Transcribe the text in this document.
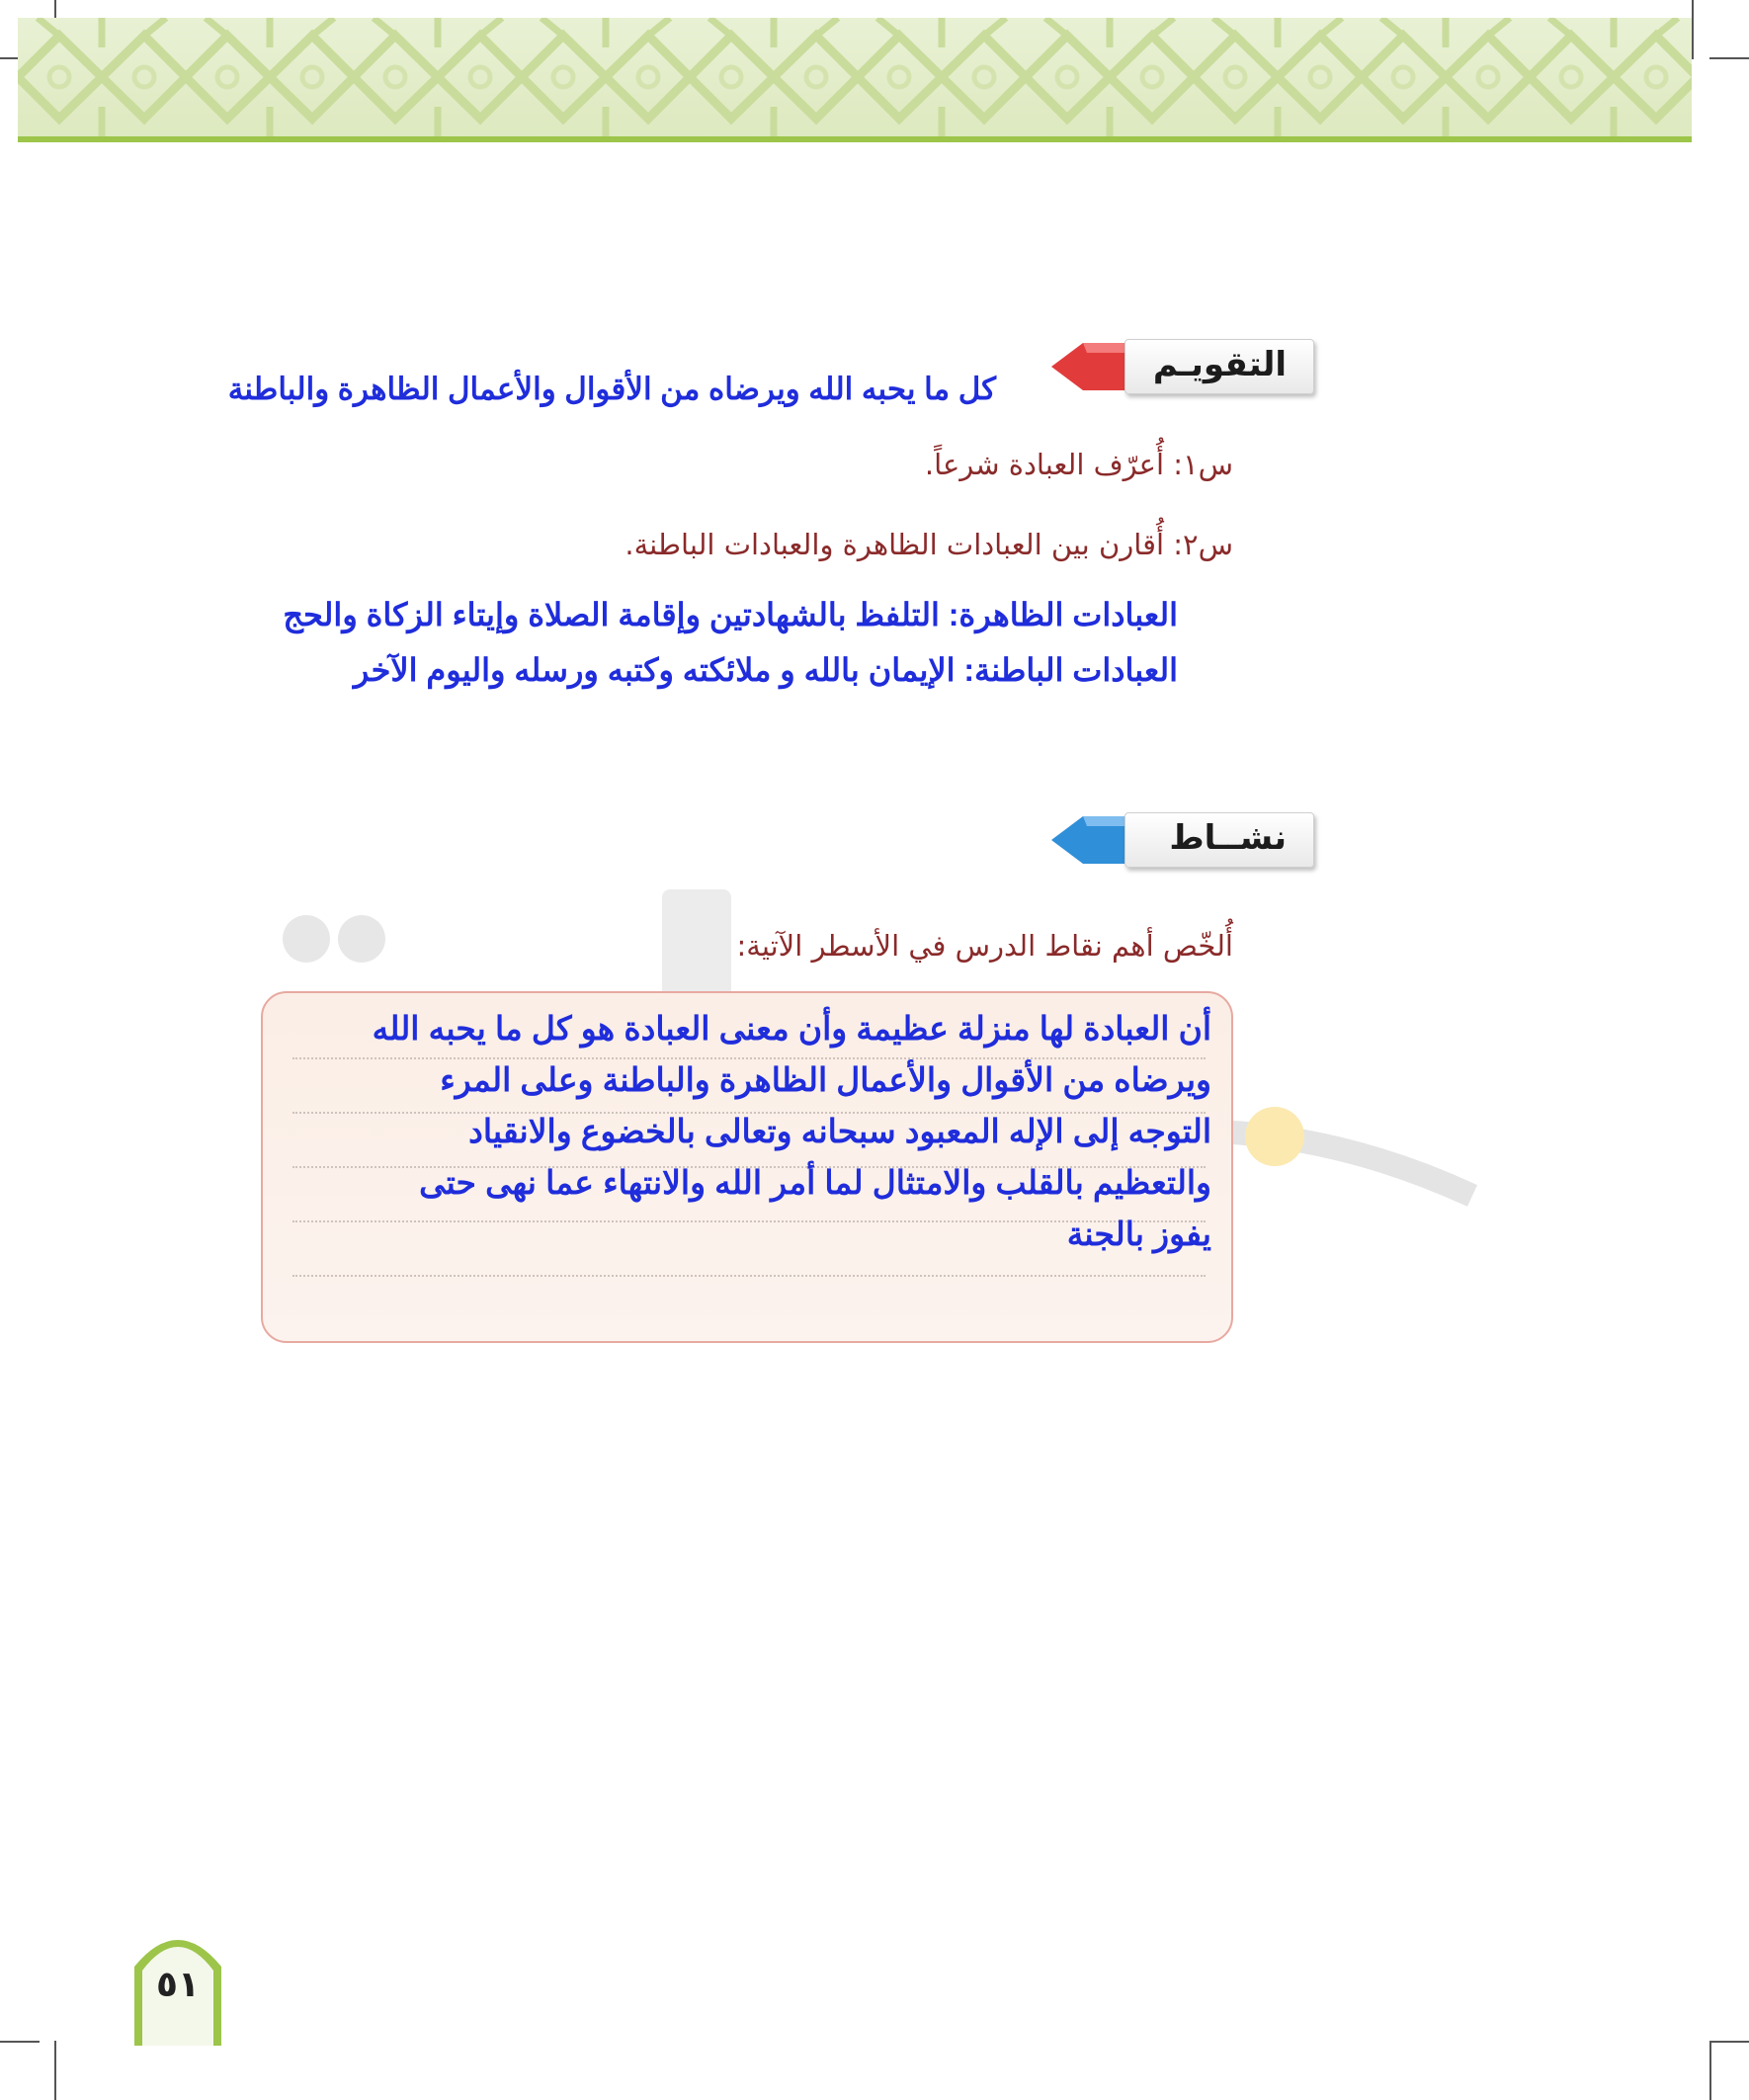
التقويـم
كل ما يحبه الله ويرضاه من الأقوال والأعمال الظاهرة والباطنة
س١: أُعرّف العبادة شرعاً.
س٢: أُقارن بين العبادات الظاهرة والعبادات الباطنة.
العبادات الظاهرة: التلفظ بالشهادتين وإقامة الصلاة وإيتاء الزكاة والحج
العبادات الباطنة: الإيمان بالله و ملائكته وكتبه ورسله واليوم الآخر
نشــاط
أُلخّص أهم نقاط الدرس في الأسطر الآتية:
أن العبادة لها منزلة عظيمة وأن معنى العبادة هو كل ما يحبه الله
ويرضاه من الأقوال والأعمال الظاهرة والباطنة وعلى المرء
التوجه إلى الإله المعبود سبحانه وتعالى بالخضوع والانقياد
والتعظيم بالقلب والامتثال لما أمر الله والانتهاء عما نهى حتى
يفوز بالجنة
٥١
